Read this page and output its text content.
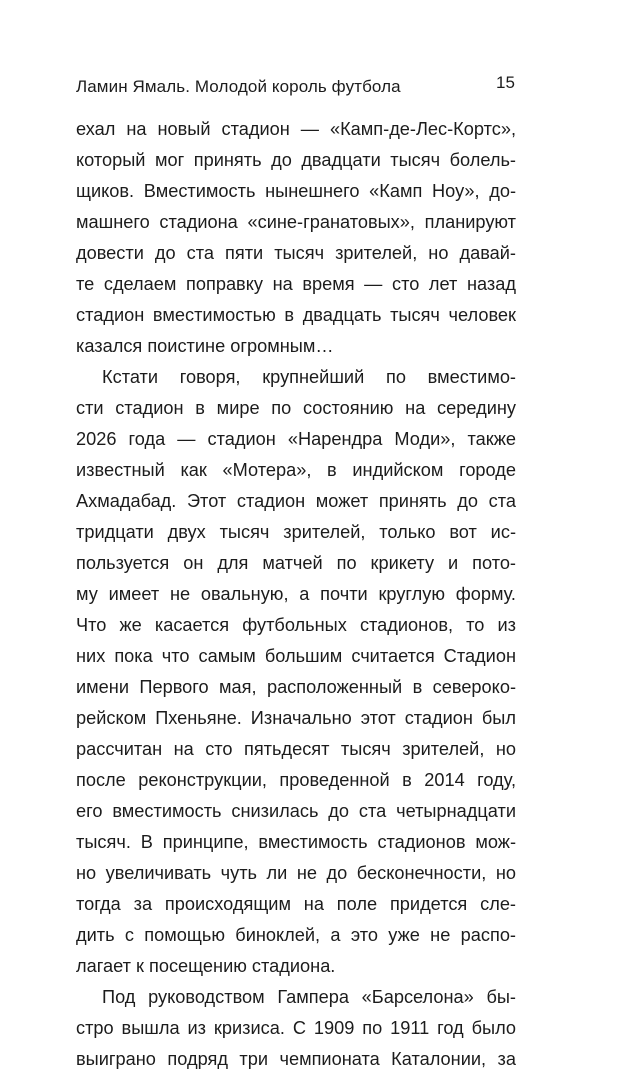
Ламин Ямаль. Молодой король футбола	15
ехал на новый стадион — «Камп-де-Лес-Кортс»,
который мог принять до двадцати тысяч болель-
щиков. Вместимость нынешнего «Камп Ноу», до-
машнего стадиона «сине-гранатовых», планируют
довести до ста пяти тысяч зрителей, но давай-
те сделаем поправку на время — сто лет назад
стадион вместимостью в двадцать тысяч человек
казался поистине огромным…
Кстати говоря, крупнейший по вместимо-
сти стадион в мире по состоянию на середину
2026 года — стадион «Нарендра Моди», также
известный как «Мотера», в индийском городе
Ахмадабад. Этот стадион может принять до ста
тридцати двух тысяч зрителей, только вот ис-
пользуется он для матчей по крикету и пото-
му имеет не овальную, а почти круглую форму.
Что же касается футбольных стадионов, то из
них пока что самым большим считается Стадион
имени Первого мая, расположенный в североко-
рейском Пхеньяне. Изначально этот стадион был
рассчитан на сто пятьдесят тысяч зрителей, но
после реконструкции, проведенной в 2014 году,
его вместимость снизилась до ста четырнадцати
тысяч. В принципе, вместимость стадионов мож-
но увеличивать чуть ли не до бесконечности, но
тогда за происходящим на поле придется сле-
дить с помощью биноклей, а это уже не распо-
лагает к посещению стадиона.
Под руководством Гампера «Барселона» бы-
стро вышла из кризиса. С 1909 по 1911 год было
выиграно подряд три чемпионата Каталонии, за
